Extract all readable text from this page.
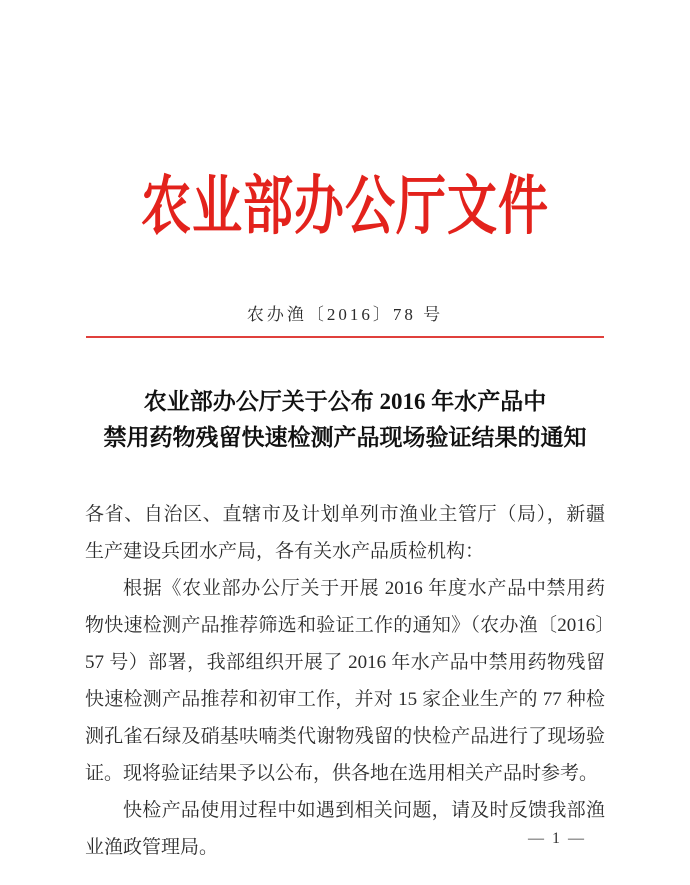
农业部办公厅文件
农办渔〔2016〕78 号
农业部办公厅关于公布 2016 年水产品中
禁用药物残留快速检测产品现场验证结果的通知

各省、自治区、直辖市及计划单列市渔业主管厅（局），新疆生产建设兵团水产局，各有关水产品质检机构：

根据《农业部办公厅关于开展 2016 年度水产品中禁用药物快速检测产品推荐筛选和验证工作的通知》（农办渔〔2016〕57 号）部署，我部组织开展了 2016 年水产品中禁用药物残留快速检测产品推荐和初审工作，并对 15 家企业生产的 77 种检测孔雀石绿及硝基呋喃类代谢物残留的快检产品进行了现场验证。现将验证结果予以公布，供各地在选用相关产品时参考。

快检产品使用过程中如遇到相关问题，请及时反馈我部渔业渔政管理局。	— 1 —
